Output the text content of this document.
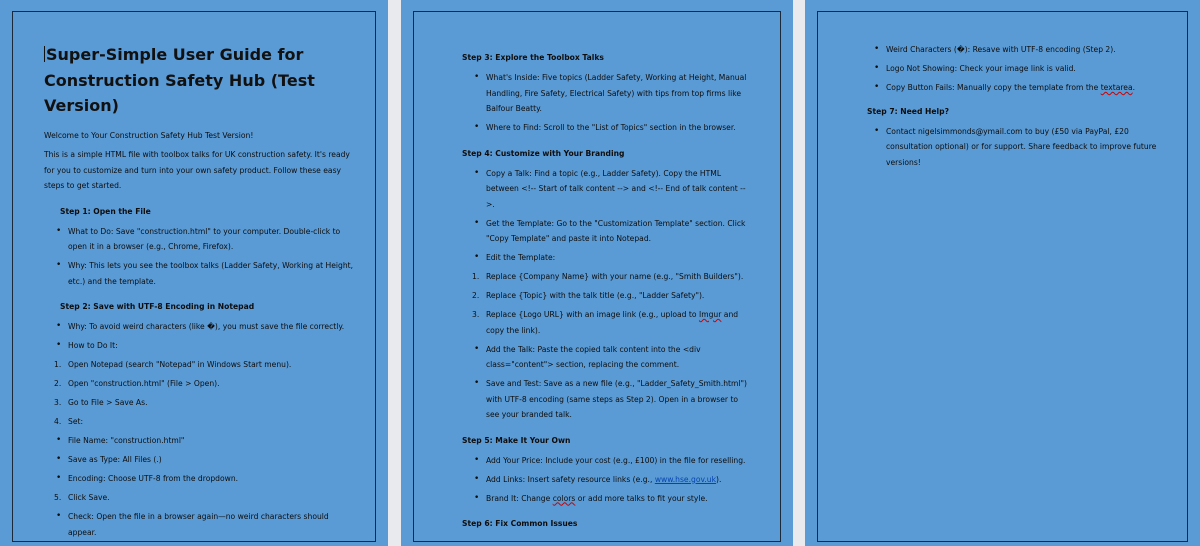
Super-Simple User Guide for
Construction Safety Hub (Test Version)

Welcome to Your Construction Safety Hub Test Version!

This is a simple HTML file with toolbox talks for UK construction safety. It's ready for you to customize and turn into your own safety product. Follow these easy steps to get started.

Step 1: Open the File
• What to Do: Save "construction.html" to your computer. Double-click to open it in a browser (e.g., Chrome, Firefox).
• Why: This lets you see the toolbox talks (Ladder Safety, Working at Height, etc.) and the template.
Step 2: Save with UTF-8 Encoding in Notepad
• Why: To avoid weird characters (like �), you must save the file correctly.
• How to Do It:
1. Open Notepad (search "Notepad" in Windows Start menu).
2. Open "construction.html" (File > Open).
3. Go to File > Save As.
4. Set:
• File Name: "construction.html"
• Save as Type: All Files (.)
• Encoding: Choose UTF-8 from the dropdown.
5. Click Save.
• Check: Open the file in a browser again—no weird characters should appear.
Step 3: Explore the Toolbox Talks
• What's Inside: Five topics (Ladder Safety, Working at Height, Manual Handling, Fire Safety, Electrical Safety) with tips from top firms like Balfour Beatty.
• Where to Find: Scroll to the "List of Topics" section in the browser.
Step 4: Customize with Your Branding
• Copy a Talk: Find a topic (e.g., Ladder Safety). Copy the HTML between <!-- Start of talk content --> and <!-- End of talk content -->.
• Get the Template: Go to the "Customization Template" section. Click "Copy Template" and paste it into Notepad.
• Edit the Template:
1. Replace {Company Name} with your name (e.g., "Smith Builders").
2. Replace {Topic} with the talk title (e.g., "Ladder Safety").
3. Replace {Logo URL} with an image link (e.g., upload to Imgur and copy the link).
• Add the Talk: Paste the copied talk content into the <div class="content"> section, replacing the comment.
• Save and Test: Save as a new file (e.g., "Ladder_Safety_Smith.html") with UTF-8 encoding (same steps as Step 2). Open in a browser to see your branded talk.
Step 5: Make It Your Own
• Add Your Price: Include your cost (e.g., £100) in the file for reselling.
• Add Links: Insert safety resource links (e.g., www.hse.gov.uk).
• Brand It: Change colors or add more talks to fit your style.
Step 6: Fix Common Issues
• Weird Characters (�): Resave with UTF-8 encoding (Step 2).
• Logo Not Showing: Check your image link is valid.
• Copy Button Fails: Manually copy the template from the textarea.
Step 7: Need Help?
• Contact nigelsimmonds@ymail.com to buy (£50 via PayPal, £20 consultation optional) or for support. Share feedback to improve future versions!
